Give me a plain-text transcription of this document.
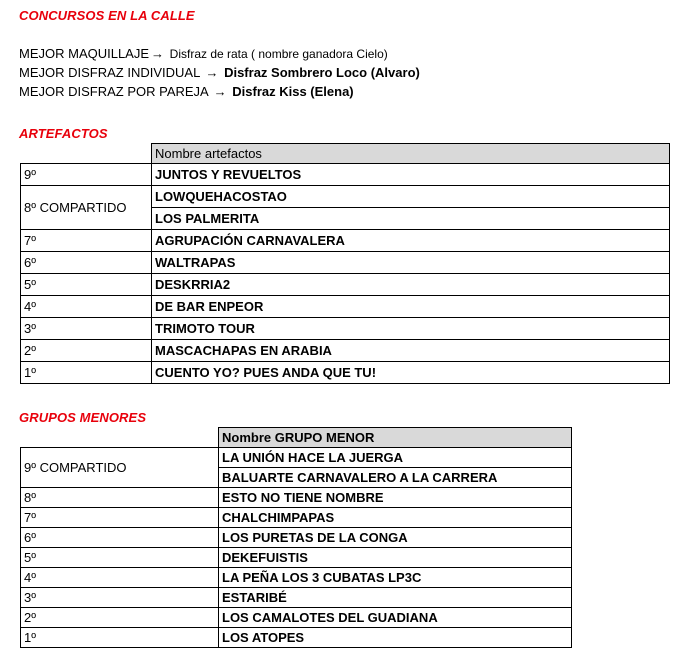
CONCURSOS EN LA CALLE
MEJOR MAQUILLAJE → Disfraz de rata ( nombre ganadora Cielo)
MEJOR DISFRAZ INDIVIDUAL → Disfraz Sombrero Loco (Alvaro)
MEJOR DISFRAZ POR PAREJA → Disfraz Kiss (Elena)
ARTEFACTOS
	Nombre artefactos
9º	JUNTOS Y REVUELTOS
8º COMPARTIDO	LOWQUEHACOSTAO
	LOS PALMERITA
7º	AGRUPACIÓN CARNAVALERA
6º	WALTRAPAS
5º	DESKRRIA2
4º	DE BAR ENPEOR
3º	TRIMOTO TOUR
2º	MASCACHAPAS EN ARABIA
1º	CUENTO YO? PUES ANDA QUE TU!
GRUPOS MENORES
	Nombre GRUPO MENOR
9º COMPARTIDO	LA UNIÓN HACE LA JUERGA
	BALUARTE CARNAVALERO A LA CARRERA
8º	ESTO NO TIENE NOMBRE
7º	CHALCHIMPAPAS
6º	LOS PURETAS DE LA CONGA
5º	DEKEFUISTIS
4º	LA PEÑA LOS 3 CUBATAS LP3C
3º	ESTARIBÉ
2º	LOS CAMALOTES DEL GUADIANA
1º	LOS ATOPES
